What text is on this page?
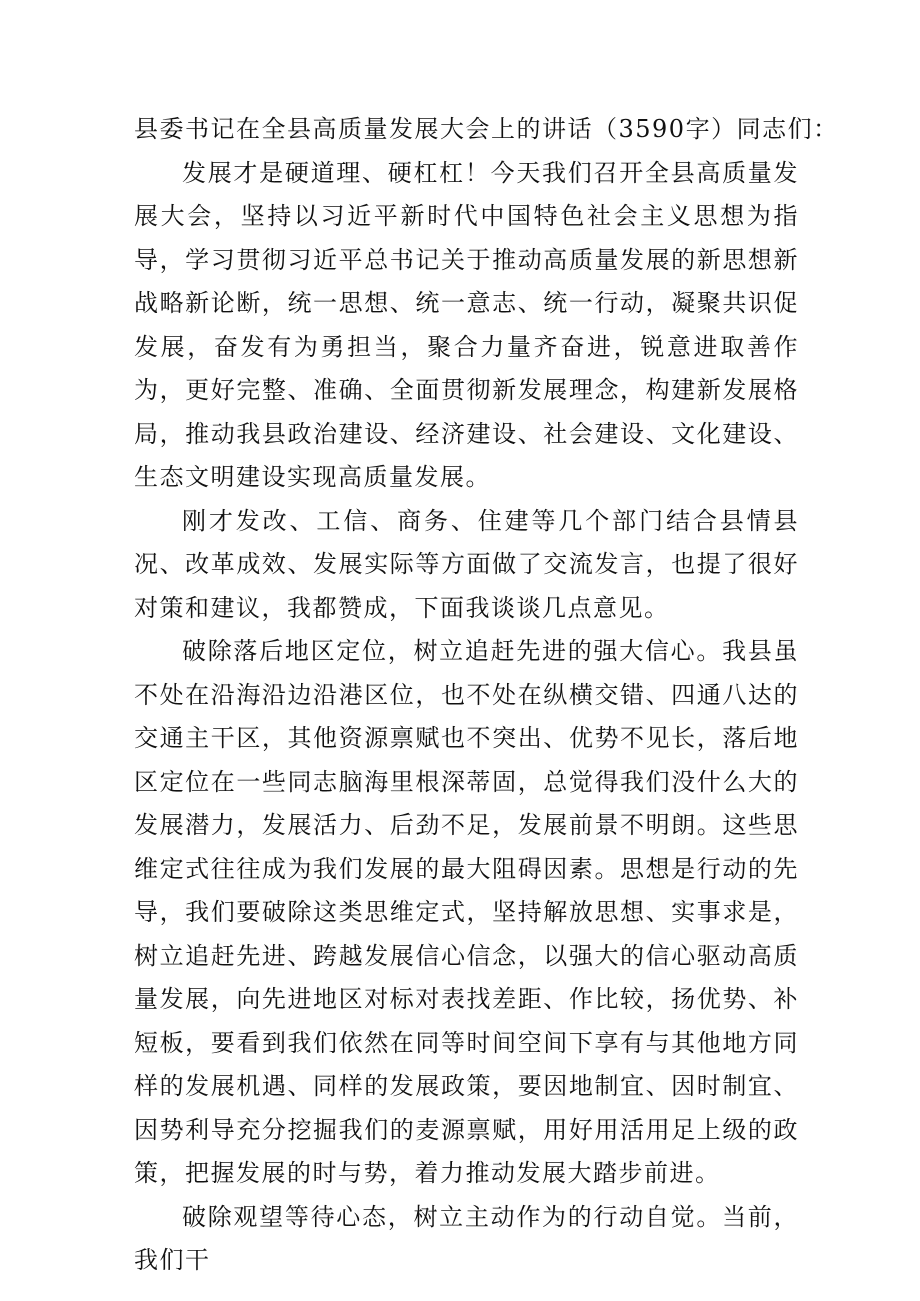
县委书记在全县高质量发展大会上的讲话（3590字）同志们：

发展才是硬道理、硬杠杠！今天我们召开全县高质量发展大会，坚持以习近平新时代中国特色社会主义思想为指导，学习贯彻习近平总书记关于推动高质量发展的新思想新战略新论断，统一思想、统一意志、统一行动，凝聚共识促发展，奋发有为勇担当，聚合力量齐奋进，锐意进取善作为，更好完整、准确、全面贯彻新发展理念，构建新发展格局，推动我县政治建设、经济建设、社会建设、文化建设、生态文明建设实现高质量发展。

刚才发改、工信、商务、住建等几个部门结合县情县况、改革成效、发展实际等方面做了交流发言，也提了很好对策和建议，我都赞成，下面我谈谈几点意见。

破除落后地区定位，树立追赶先进的强大信心。我县虽不处在沿海沿边沿港区位，也不处在纵横交错、四通八达的交通主干区，其他资源禀赋也不突出、优势不见长，落后地区定位在一些同志脑海里根深蒂固，总觉得我们没什么大的发展潜力，发展活力、后劲不足，发展前景不明朗。这些思维定式往往成为我们发展的最大阻碍因素。思想是行动的先导，我们要破除这类思维定式，坚持解放思想、实事求是，树立追赶先进、跨越发展信心信念，以强大的信心驱动高质量发展，向先进地区对标对表找差距、作比较，扬优势、补短板，要看到我们依然在同等时间空间下享有与其他地方同样的发展机遇、同样的发展政策，要因地制宜、因时制宜、因势利导充分挖掘我们的麦源禀赋，用好用活用足上级的政策，把握发展的时与势，着力推动发展大踏步前进。

破除观望等待心态，树立主动作为的行动自觉。当前，我们干
